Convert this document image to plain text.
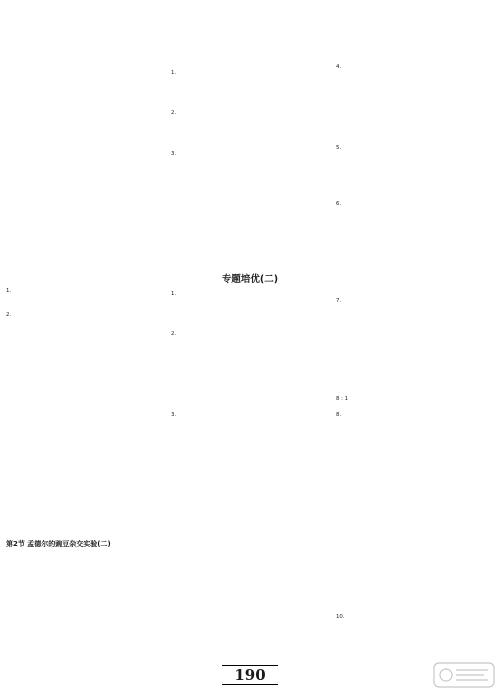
1.
2.
第2节 孟德尔的豌豆杂交实验(二)
1.
2.
3.
专题培优(二)
1.
2.
3.
4.
5.
6.
7.
8 : 1
8.
10.
190
